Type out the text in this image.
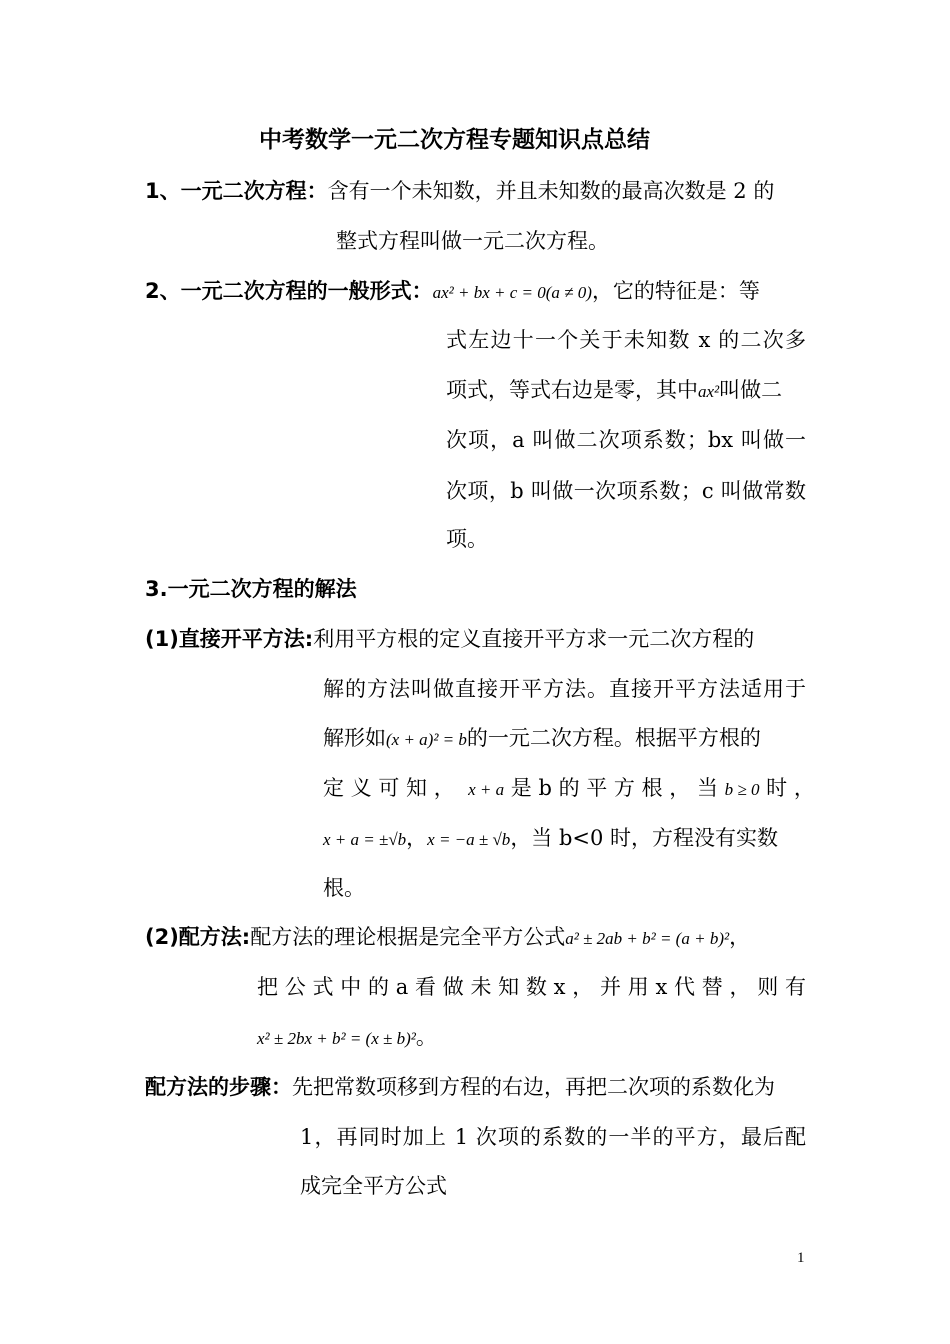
中考数学一元二次方程专题知识点总结
1、一元二次方程：含有一个未知数，并且未知数的最高次数是 2 的
整式方程叫做一元二次方程。
2、一元二次方程的一般形式：ax² + bx + c = 0(a ≠ 0)，它的特征是：等
式左边十一个关于未知数 x 的二次多
项式，等式右边是零，其中ax²叫做二
次项，a 叫做二次项系数；bx 叫做一
次项，b 叫做一次项系数；c 叫做常数
项。
3.一元二次方程的解法
(1)直接开平方法:利用平方根的定义直接开平方求一元二次方程的
解的方法叫做直接开平方法。直接开平方法适用于
解形如(x + a)² = b的一元二次方程。根据平方根的
定 义 可 知 ， x + a 是 b 的 平 方 根 ， 当 b ≥ 0 时 ，
x + a = ±√b，x = −a ± √b，当 b<0 时，方程没有实数
根。
(2)配方法:配方法的理论根据是完全平方公式a² ± 2ab + b² = (a + b)²，
把 公 式 中 的 a 看 做 未 知 数 x ， 并 用 x 代 替 ， 则 有
x² ± 2bx + b² = (x ± b)²。
配方法的步骤：先把常数项移到方程的右边，再把二次项的系数化为
1，再同时加上 1 次项的系数的一半的平方，最后配
成完全平方公式
1
